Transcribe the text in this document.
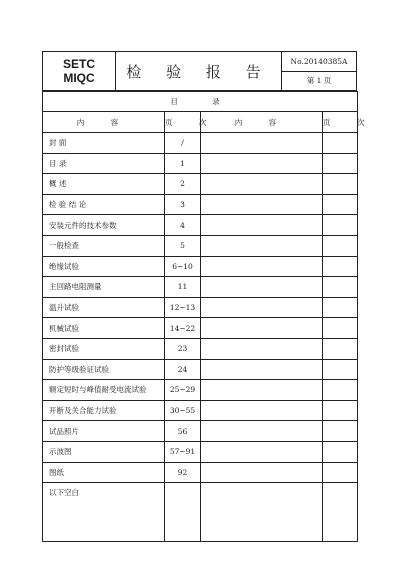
SETC
MIQC	检 验 报 告
No.20140385A
第 1 页
目 录			
内 容	页 次	内 容	页 次
封 面	/		
目 录	1		
概 述	2		
检 验 结 论	3		
安装元件的技术参数	4		
一般检查	5		
绝缘试验	6~10		
主回路电阻测量	11		
温升试验	12~13		
机械试验	14~22		
密封试验	23		
防护等级验证试验	24		
额定短时与峰值耐受电流试验	25~29		
开断及关合能力试验	30~55		
试品照片	56		
示波图	57~91		
图纸	92		
以下空白			
